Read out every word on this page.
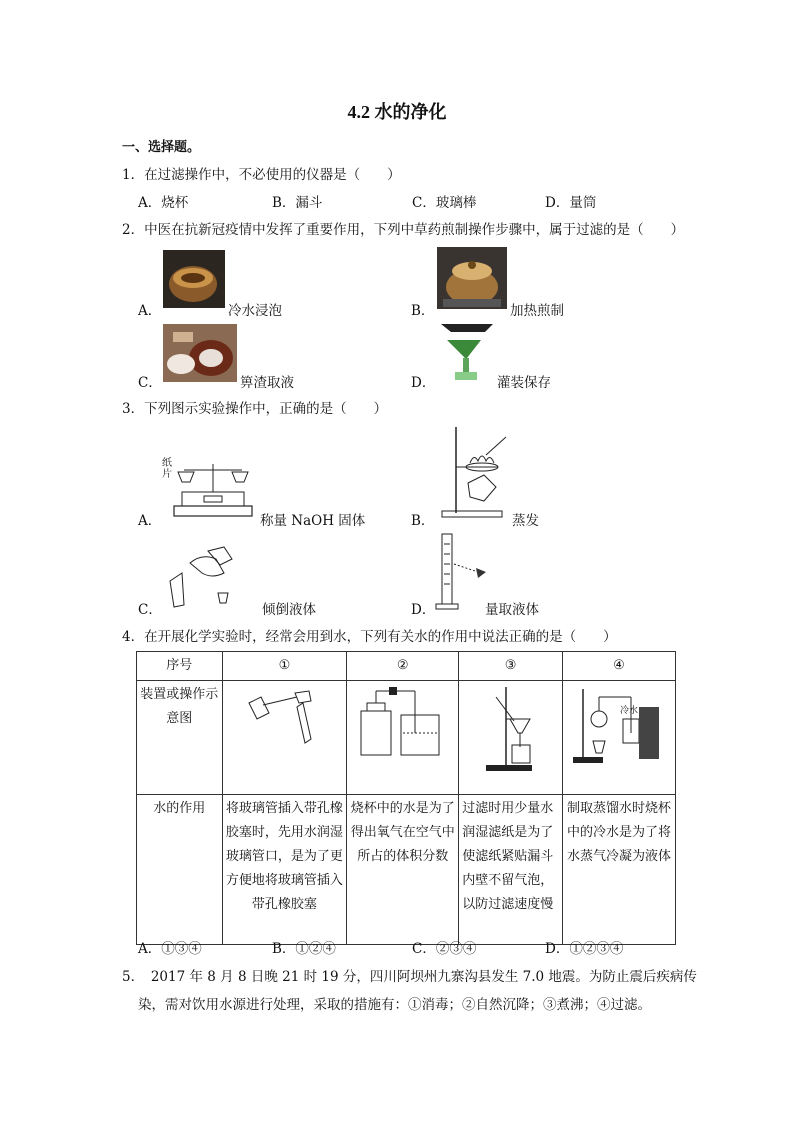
4.2 水的净化
一、选择题。
1．在过滤操作中，不必使用的仪器是（　　）
A．烧杯	B．漏斗	C．玻璃棒	D．量筒
2．中医在抗新冠疫情中发挥了重要作用，下列中草药煎制操作步骤中，属于过滤的是（　　）
A．	冷水浸泡	B．	加热煎制
C．	箅渣取液	D．	灌装保存
3．下列图示实验操作中，正确的是（　　）
A．
纸片
称量 NaOH 固体	B．	蒸发
C．	倾倒液体	D．	量取液体
4．在开展化学实验时，经常会用到水，下列有关水的作用中说法正确的是（　　）
序号	①	②	③	④
装置或操作示意图				冷水

水的作用	将玻璃管插入带孔橡胶塞时，先用水润湿玻璃管口，是为了更方便地将玻璃管插入带孔橡胶塞	烧杯中的水是为了得出氧气在空气中所占的体积分数	过滤时用少量水润湿滤纸是为了使滤纸紧贴漏斗内壁不留气泡，以防过滤速度慢	制取蒸馏水时烧杯中的冷水是为了将水蒸气冷凝为液体
A．①③④	B．①②④	C．②③④	D．①②③④
5．　2017 年 8 月 8 日晚 21 时 19 分，四川阿坝州九寨沟县发生 7.0 地震。为防止震后疾病传
染，需对饮用水源进行处理，采取的措施有：①消毒；②自然沉降；③煮沸；④过滤。
